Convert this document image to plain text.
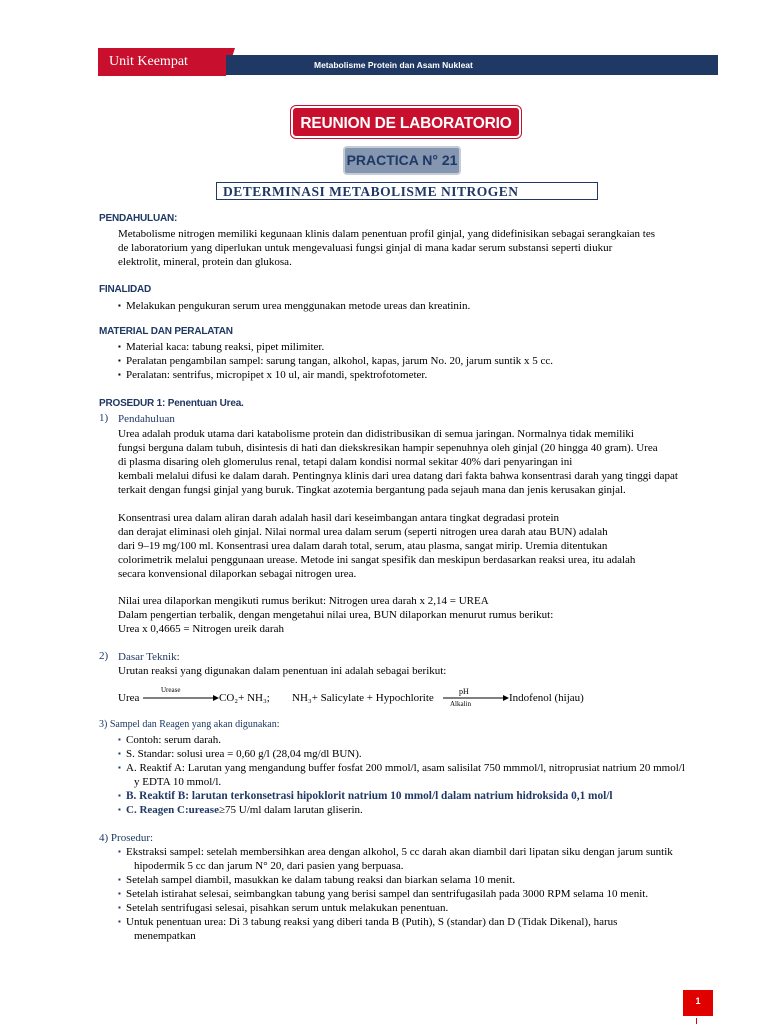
Unit Keempat	Metabolisme Protein dan Asam Nukleat
REUNION DE LABORATORIO
PRACTICA N° 21
DETERMINASI METABOLISME NITROGEN
PENDAHULUAN:
Metabolisme nitrogen memiliki kegunaan klinis dalam penentuan profil ginjal, yang didefinisikan sebagai serangkaian tes
de laboratorium yang diperlukan untuk mengevaluasi fungsi ginjal di mana kadar serum substansi seperti diukur
elektrolit, mineral, protein dan glukosa.
FINALIDAD
▪ Melakukan pengukuran serum urea menggunakan metode ureas dan kreatinin.
MATERIAL DAN PERALATAN
▪ Material kaca: tabung reaksi, pipet milimiter.
▪ Peralatan pengambilan sampel: sarung tangan, alkohol, kapas, jarum No. 20, jarum suntik x 5 cc.
▪ Peralatan: sentrifus, micropipet x 10 ul, air mandi, spektrofotometer.
PROSEDUR 1: Penentuan Urea.
1) Pendahuluan
Urea adalah produk utama dari katabolisme protein dan didistribusikan di semua jaringan. Normalnya tidak memiliki
fungsi berguna dalam tubuh, disintesis di hati dan diekskresikan hampir sepenuhnya oleh ginjal (20 hingga 40 gram). Urea
di plasma disaring oleh glomerulus renal, tetapi dalam kondisi normal sekitar 40% dari penyaringan ini
kembali melalui difusi ke dalam darah. Pentingnya klinis dari urea datang dari fakta bahwa konsentrasi darah yang tinggi dapat
terkait dengan fungsi ginjal yang buruk. Tingkat azotemia bergantung pada sejauh mana dan jenis kerusakan ginjal.
Konsentrasi urea dalam aliran darah adalah hasil dari keseimbangan antara tingkat degradasi protein
dan derajat eliminasi oleh ginjal. Nilai normal urea dalam serum (seperti nitrogen urea darah atau BUN) adalah
dari 9–19 mg/100 ml. Konsentrasi urea dalam darah total, serum, atau plasma, sangat mirip. Uremia ditentukan
colorimetrik melalui penggunaan urease. Metode ini sangat spesifik dan meskipun berdasarkan reaksi urea, itu adalah
secara konvensional dilaporkan sebagai nitrogen urea.
Nilai urea dilaporkan mengikuti rumus berikut: Nitrogen urea darah x 2,14 = UREA
Dalam pengertian terbalik, dengan mengetahui nilai urea, BUN dilaporkan menurut rumus berikut:
Urea x 0,4665 = Nitrogen ureik darah
2) Dasar Teknik:
Urutan reaksi yang digunakan dalam penentuan ini adalah sebagai berikut:
Urea
Urease
CO₂+ NH₃; NH₃+ Salicylate + Hypochlorite
pH
Alkalin	Indofenol (hijau)
3) Sampel dan Reagen yang akan digunakan:
▪ Contoh: serum darah.
▪ S. Standar: solusi urea = 0,60 g/l (28,04 mg/dl BUN).
▪ A. Reaktif A: Larutan yang mengandung buffer fosfat 200 mmol/l, asam salisilat 750 mmmol/l, nitroprusiat natrium 20 mmol/l
y EDTA 10 mmol/l.
▪ B. Reaktif B: larutan terkonsetrasi hipoklorit natrium 10 mmol/l dalam natrium hidroksida 0,1 mol/l
▪ C. Reagen C:urease≥75 U/ml dalam larutan gliserin.
4) Prosedur:
▪ Ekstraksi sampel: setelah membersihkan area dengan alkohol, 5 cc darah akan diambil dari lipatan siku dengan jarum suntik
hipodermik 5 cc dan jarum N° 20, dari pasien yang berpuasa.
▪ Setelah sampel diambil, masukkan ke dalam tabung reaksi dan biarkan selama 10 menit.
▪ Setelah istirahat selesai, seimbangkan tabung yang berisi sampel dan sentrifugasilah pada 3000 RPM selama 10 menit.
▪ Setelah sentrifugasi selesai, pisahkan serum untuk melakukan penentuan.
▪ Untuk penentuan urea: Di 3 tabung reaksi yang diberi tanda B (Putih), S (standar) dan D (Tidak Dikenal), harus
menempatkan
1
